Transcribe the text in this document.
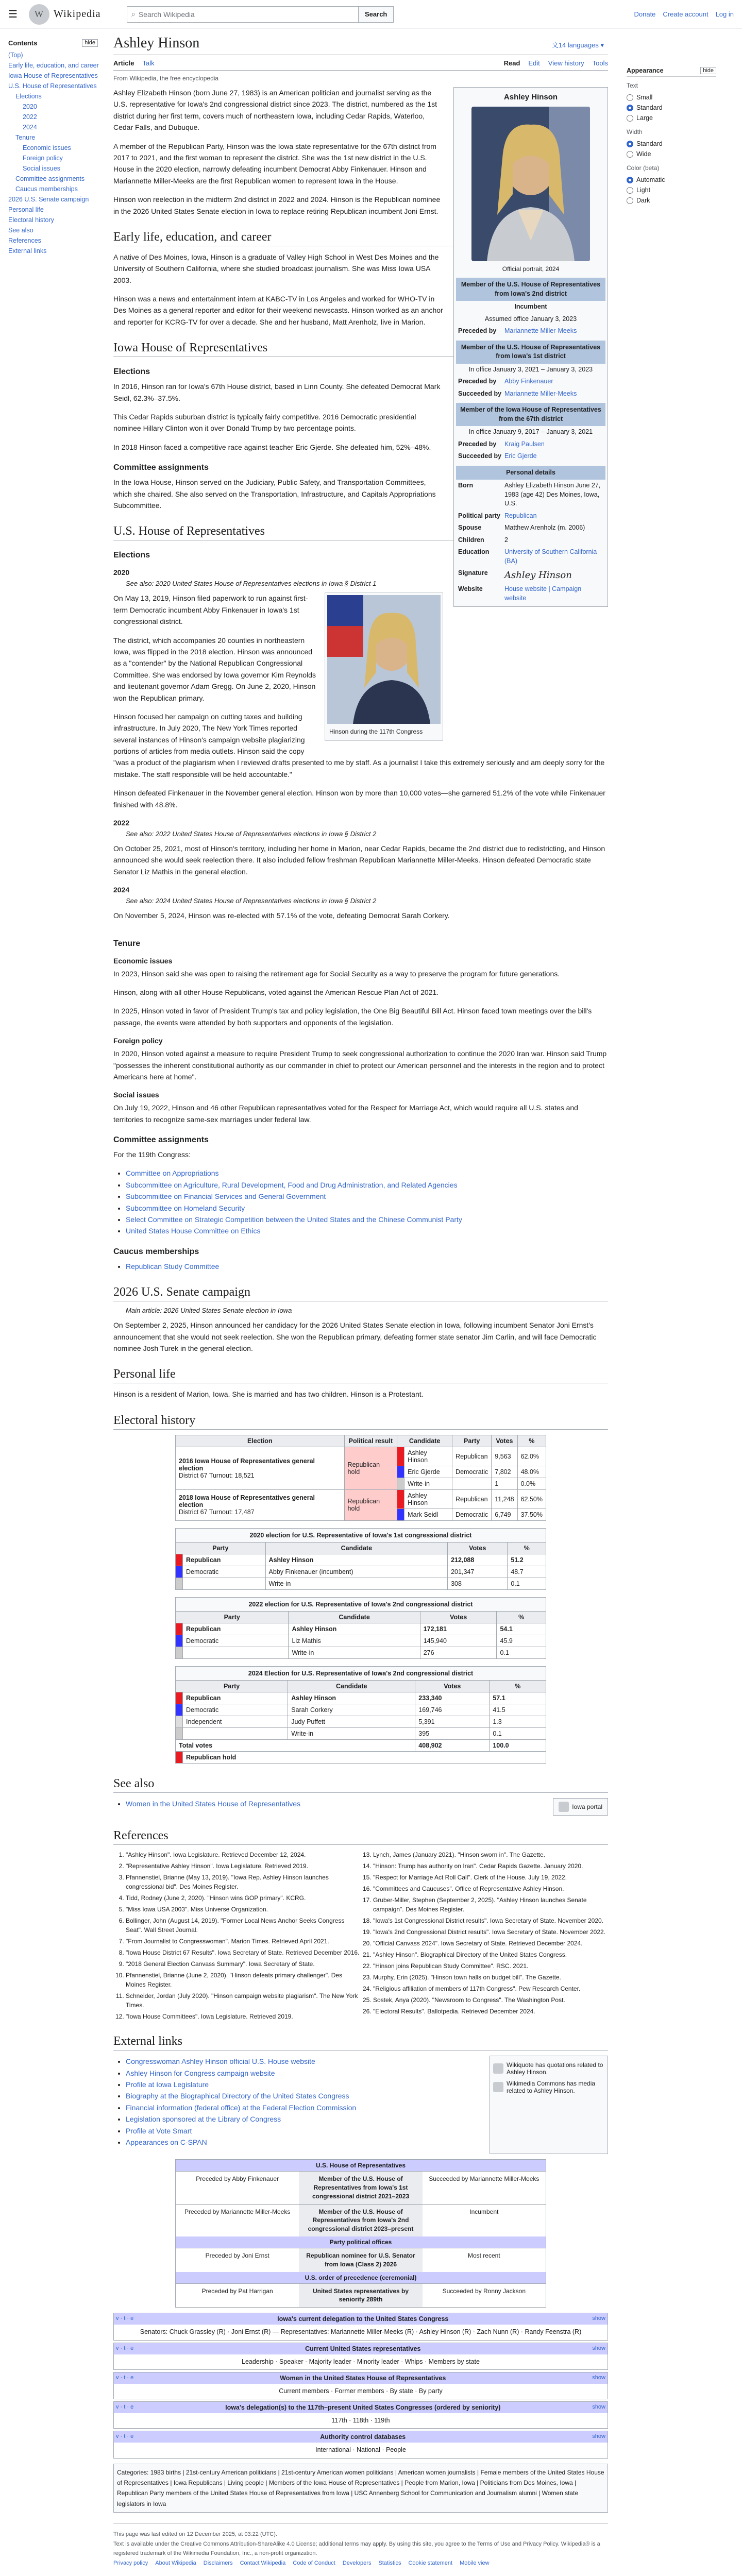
☰	W Wikipedia	⌕ Search Wikipedia	Search	Donate Create account Log in
Contents	hide
(Top)
Early life, education, and career
Iowa House of Representatives
U.S. House of Representatives
Elections
2020
2022
2024
Tenure
Economic issues
Foreign policy
Social issues
Committee assignments
Caucus memberships
2026 U.S. Senate campaign
Personal life
Electoral history
See also
References
External links
Ashley Hinson	文14 languages ▾
Article Talk	Read Edit View history Tools
From Wikipedia, the free encyclopedia
Ashley Hinson
Official portrait, 2024
Member of the U.S. House of Representatives from Iowa's 2nd district
Incumbent
Assumed office January 3, 2023
Preceded by	Mariannette Miller-Meeks
Member of the U.S. House of Representatives from Iowa's 1st district
In office January 3, 2021 – January 3, 2023
Preceded by	Abby Finkenauer
Succeeded by Mariannette Miller-Meeks
Member of the Iowa House of Representatives from the 67th district
In office January 9, 2017 – January 3, 2021
Preceded by	Kraig Paulsen
Succeeded by Eric Gjerde
Personal details
Born	Ashley Elizabeth Hinson June 27, 1983 (age 42) Des Moines, Iowa, U.S.
Political party Republican
Spouse	Matthew Arenholz (m. 2006)
Children	2
Education	University of Southern California (BA)
Signature	Ashley Hinson
Website	House website | Campaign website

Ashley Elizabeth Hinson (born June 27, 1983) is an American politician and journalist serving as the U.S. representative for Iowa's 2nd congressional district since 2023. The district, numbered as the 1st district during her first term, covers much of northeastern Iowa, including Cedar Rapids, Waterloo, Cedar Falls, and Dubuque.

A member of the Republican Party, Hinson was the Iowa state representative for the 67th district from 2017 to 2021, and the first woman to represent the district. She was the 1st new district in the U.S. House in the 2020 election, narrowly defeating incumbent Democrat Abby Finkenauer. Hinson and Mariannette Miller-Meeks are the first Republican women to represent Iowa in the House.

Hinson won reelection in the midterm 2nd district in 2022 and 2024. Hinson is the Republican nominee in the 2026 United States Senate election in Iowa to replace retiring Republican incumbent Joni Ernst.

Early life, education, and career

A native of Des Moines, Iowa, Hinson is a graduate of Valley High School in West Des Moines and the University of Southern California, where she studied broadcast journalism. She was Miss Iowa USA 2003.

Hinson was a news and entertainment intern at KABC-TV in Los Angeles and worked for WHO-TV in Des Moines as a general reporter and editor for their weekend newscasts. Hinson worked as an anchor and reporter for KCRG-TV for over a decade. She and her husband, Matt Arenholz, live in Marion.

Iowa House of Representatives
Elections

In 2016, Hinson ran for Iowa's 67th House district, based in Linn County. She defeated Democrat Mark Seidl, 62.3%–37.5%.

This Cedar Rapids suburban district is typically fairly competitive. 2016 Democratic presidential nominee Hillary Clinton won it over Donald Trump by two percentage points.

In 2018 Hinson faced a competitive race against teacher Eric Gjerde. She defeated him, 52%–48%.

Committee assignments

In the Iowa House, Hinson served on the Judiciary, Public Safety, and Transportation Committees, which she chaired. She also served on the Transportation, Infrastructure, and Capitals Appropriations Subcommittee.

U.S. House of Representatives
Elections
2020
See also: 2020 United States House of Representatives elections in Iowa § District 1
Hinson during the 117th Congress

On May 13, 2019, Hinson filed paperwork to run against first-term Democratic incumbent Abby Finkenauer in Iowa's 1st congressional district.

The district, which accompanies 20 counties in northeastern Iowa, was flipped in the 2018 election. Hinson was announced as a "contender" by the National Republican Congressional Committee. She was endorsed by Iowa governor Kim Reynolds and lieutenant governor Adam Gregg. On June 2, 2020, Hinson won the Republican primary.

Hinson focused her campaign on cutting taxes and building infrastructure. In July 2020, The New York Times reported several instances of Hinson's campaign website plagiarizing portions of articles from media outlets. Hinson said the copy "was a product of the plagiarism when I reviewed drafts presented to me by staff. As a journalist I take this extremely seriously and am deeply sorry for the mistake. The staff responsible will be held accountable."

Hinson defeated Finkenauer in the November general election. Hinson won by more than 10,000 votes—she garnered 51.2% of the vote while Finkenauer finished with 48.8%.

2022
See also: 2022 United States House of Representatives elections in Iowa § District 2

On October 25, 2021, most of Hinson's territory, including her home in Marion, near Cedar Rapids, became the 2nd district due to redistricting, and Hinson announced she would seek reelection there. It also included fellow freshman Republican Mariannette Miller-Meeks. Hinson defeated Democratic state Senator Liz Mathis in the general election.

2024
See also: 2024 United States House of Representatives elections in Iowa § District 2

On November 5, 2024, Hinson was re-elected with 57.1% of the vote, defeating Democrat Sarah Corkery.

Tenure
Economic issues

In 2023, Hinson said she was open to raising the retirement age for Social Security as a way to preserve the program for future generations.

Hinson, along with all other House Republicans, voted against the American Rescue Plan Act of 2021.

In 2025, Hinson voted in favor of President Trump's tax and policy legislation, the One Big Beautiful Bill Act. Hinson faced town meetings over the bill's passage, the events were attended by both supporters and opponents of the legislation.

Foreign policy

In 2020, Hinson voted against a measure to require President Trump to seek congressional authorization to continue the 2020 Iran war. Hinson said Trump "possesses the inherent constitutional authority as our commander in chief to protect our American personnel and the interests in the region and to protect Americans here at home".

Social issues

On July 19, 2022, Hinson and 46 other Republican representatives voted for the Respect for Marriage Act, which would require all U.S. states and territories to recognize same-sex marriages under federal law.

Committee assignments

For the 119th Congress:

• Committee on Appropriations
• Subcommittee on Agriculture, Rural Development, Food and Drug Administration, and Related Agencies
• Subcommittee on Financial Services and General Government
• Subcommittee on Homeland Security
• Select Committee on Strategic Competition between the United States and the Chinese Communist Party
• United States House Committee on Ethics
Caucus memberships
• Republican Study Committee
2026 U.S. Senate campaign
Main article: 2026 United States Senate election in Iowa

On September 2, 2025, Hinson announced her candidacy for the 2026 United States Senate election in Iowa, following incumbent Senator Joni Ernst's announcement that she would not seek reelection. She won the Republican primary, defeating former state senator Jim Carlin, and will face Democratic nominee Josh Turek in the general election.

Personal life

Hinson is a resident of Marion, Iowa. She is married and has two children. Hinson is a Protestant.

Electoral history
Election	Political result	Candidate		Party	Votes	%
2016 Iowa House of Representatives general election
District 67 Turnout: 18,521	Republican hold		Ashley Hinson	Republican	9,563	62.0%
			Eric Gjerde	Democratic	7,802	48.0%
			Write-in		1	0.0%
2018 Iowa House of Representatives general election
District 67 Turnout: 17,487	Republican hold		Ashley Hinson	Republican	11,248	62.50%
			Mark Seidl	Democratic	6,749	37.50%
2020 election for U.S. Representative of Iowa's 1st congressional district				
Party		Candidate	Votes	%
	Republican	Ashley Hinson	212,088	51.2
	Democratic	Abby Finkenauer (incumbent)	201,347	48.7
		Write-in	308	0.1
2022 election for U.S. Representative of Iowa's 2nd congressional district				
Party		Candidate	Votes	%
	Republican	Ashley Hinson	172,181	54.1
	Democratic	Liz Mathis	145,940	45.9
		Write-in	276	0.1
2024 Election for U.S. Representative of Iowa's 2nd congressional district				
Party		Candidate	Votes	%
	Republican	Ashley Hinson	233,340	57.1
	Democratic	Sarah Corkery	169,746	41.5
	Independent	Judy Puffett	5,391	1.3
		Write-in	395	0.1
Total votes			408,902	100.0
	Republican hold			
See also
• Women in the United States House of Representatives	Iowa portal
References
1. "Ashley Hinson". Iowa Legislature. Retrieved December 12, 2024.
2. "Representative Ashley Hinson". Iowa Legislature. Retrieved 2019.
3. Pfannenstiel, Brianne (May 13, 2019). "Iowa Rep. Ashley Hinson launches congressional bid". Des Moines Register.
4. Tidd, Rodney (June 2, 2020). "Hinson wins GOP primary". KCRG.
5. "Miss Iowa USA 2003". Miss Universe Organization.
6. Bollinger, John (August 14, 2019). "Former Local News Anchor Seeks Congress Seat". Wall Street Journal.
7. "From Journalist to Congresswoman". Marion Times. Retrieved April 2021.
8. "Iowa House District 67 Results". Iowa Secretary of State. Retrieved December 2016.
9. "2018 General Election Canvass Summary". Iowa Secretary of State.
10. Pfannenstiel, Brianne (June 2, 2020). "Hinson defeats primary challenger". Des Moines Register.
11. Schneider, Jordan (July 2020). "Hinson campaign website plagiarism". The New York Times.
12. "Iowa House Committees". Iowa Legislature. Retrieved 2019.
13. Lynch, James (January 2021). "Hinson sworn in". The Gazette.
14. "Hinson: Trump has authority on Iran". Cedar Rapids Gazette. January 2020.
15. "Respect for Marriage Act Roll Call". Clerk of the House. July 19, 2022.
16. "Committees and Caucuses". Office of Representative Ashley Hinson.
17. Gruber-Miller, Stephen (September 2, 2025). "Ashley Hinson launches Senate campaign". Des Moines Register.
18. "Iowa's 1st Congressional District results". Iowa Secretary of State. November 2020.
19. "Iowa's 2nd Congressional District results". Iowa Secretary of State. November 2022.
20. "Official Canvass 2024". Iowa Secretary of State. Retrieved December 2024.
21. "Ashley Hinson". Biographical Directory of the United States Congress.
22. "Hinson joins Republican Study Committee". RSC. 2021.
23. Murphy, Erin (2025). "Hinson town halls on budget bill". The Gazette.
24. "Religious affiliation of members of 117th Congress". Pew Research Center.
25. Sostek, Anya (2020). "Newsroom to Congress". The Washington Post.
26. "Electoral Results". Ballotpedia. Retrieved December 2024.
External links
• Congresswoman Ashley Hinson official U.S. House website
• Ashley Hinson for Congress campaign website
• Profile at Iowa Legislature
• Biography at the Biographical Directory of the United States Congress
• Financial information (federal office) at the Federal Election Commission
• Legislation sponsored at the Library of Congress
• Profile at Vote Smart
• Appearances on C-SPAN
Wikiquote has quotations related to Ashley Hinson.
Wikimedia Commons has media related to Ashley Hinson.
U.S. House of Representatives
Preceded by Abby Finkenauer	Member of the U.S. House of Representatives from Iowa's 1st congressional district 2021–2023
Succeeded by Mariannette Miller-Meeks
Preceded by Mariannette Miller-Meeks	Member of the U.S. House of Representatives from Iowa's 2nd congressional district 2023–present
Incumbent
Party political offices
Preceded by Joni Ernst	Republican nominee for U.S. Senator from Iowa (Class 2) 2026
Most recent
U.S. order of precedence (ceremonial)
Preceded by Pat Harrigan	United States representatives by seniority 289th
Succeeded by Ronny Jackson
v · t · e	Iowa's current delegation to the United States Congress	show
Senators: Chuck Grassley (R) · Joni Ernst (R) — Representatives: Mariannette Miller-Meeks (R) · Ashley Hinson (R) · Zach Nunn (R) · Randy Feenstra (R)
v · t · e	Current United States representatives	show
Leadership · Speaker · Majority leader · Minority leader · Whips · Members by state
v · t · e	Women in the United States House of Representatives	show
Current members · Former members · By state · By party
v · t · e	Iowa's delegation(s) to the 117th–present United States Congresses (ordered by seniority)	show
117th · 118th · 119th
v · t · e	Authority control databases	show
International · National · People
Categories: 1983 births | 21st-century American politicians | 21st-century American women politicians | American women journalists | Female members of the United States House of Representatives | Iowa Republicans | Living people | Members of the Iowa House of Representatives | People from Marion, Iowa | Politicians from Des Moines, Iowa | Republican Party members of the United States House of Representatives from Iowa | USC Annenberg School for Communication and Journalism alumni | Women state legislators in Iowa
This page was last edited on 12 December 2025, at 03:22 (UTC).
Text is available under the Creative Commons Attribution-ShareAlike 4.0 License; additional terms may apply. By using this site, you agree to the Terms of Use and Privacy Policy. Wikipedia® is a registered trademark of the Wikimedia Foundation, Inc., a non-profit organization.
Privacy policy About Wikipedia Disclaimers Contact Wikipedia Code of Conduct Developers Statistics Cookie statement Mobile view
Appearance	hide
Text
Small
Standard
Large
Width
Standard
Wide
Color (beta)
Automatic
Light
Dark
